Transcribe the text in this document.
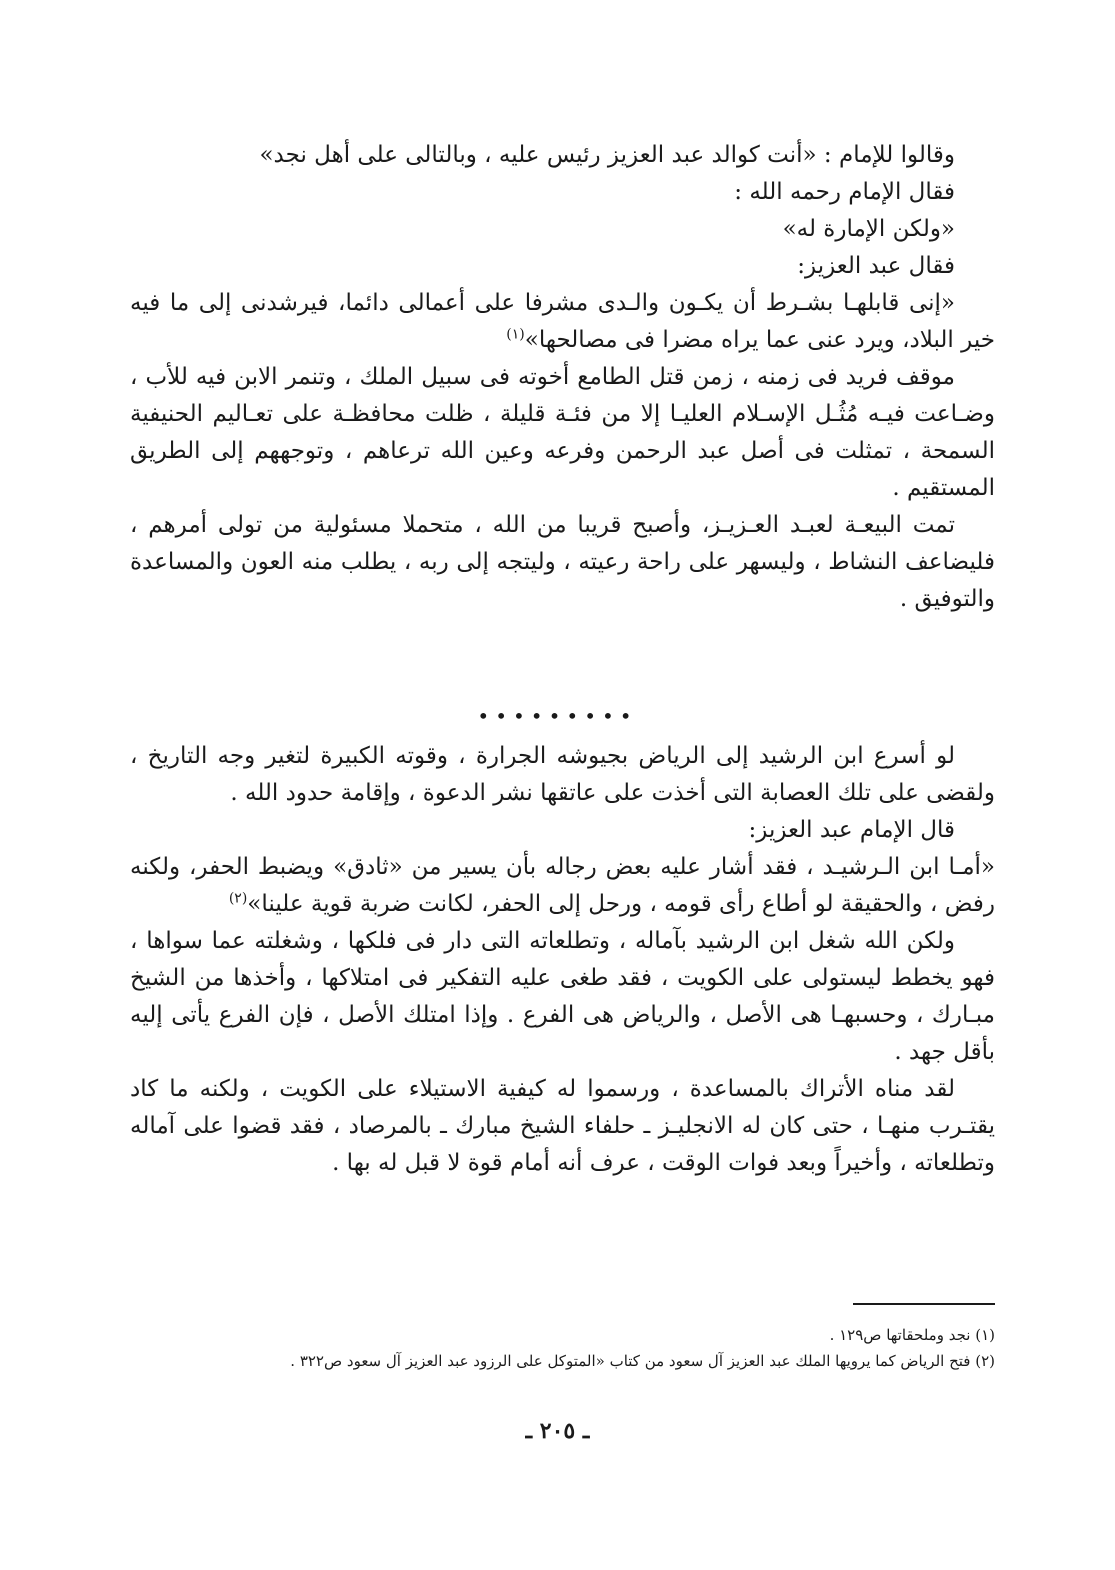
وقالوا للإمام : «أنت كوالد عبد العزيز رئيس عليه ، وبالتالى على أهل نجد»

فقال الإمام رحمه الله :

«ولكن الإمارة له»

فقال عبد العزيز:

«إنى قابلهـا بشـرط أن يكـون والـدى مشرفا على أعمالى دائما، فيرشدنى إلى ما فيه خير البلاد، ويرد عنى عما يراه مضرا فى مصالحها»$^{(١)}$

موقف فريد فى زمنه ، زمن قتل الطامع أخوته فى سبيل الملك ، وتنمر الابن فيه للأب ، وضـاعت فيـه مُثُـل الإسـلام العليـا إلا من فئـة قليلة ، ظلت محافظـة على تعـاليم الحنيفية السمحة ، تمثلت فى أصل عبد الرحمن وفرعه وعين الله ترعاهم ، وتوجههم إلى الطريق المستقيم .

تمت البيعـة لعبـد العـزيـز، وأصبح قريبا من الله ، متحملا مسئولية من تولى أمرهم ، فليضاعف النشاط ، وليسهر على راحة رعيته ، وليتجه إلى ربه ، يطلب منه العون والمساعدة والتوفيق .

•••••••••

لو أسرع ابن الرشيد إلى الرياض بجيوشه الجرارة ، وقوته الكبيرة لتغير وجه التاريخ ، ولقضى على تلك العصابة التى أخذت على عاتقها نشر الدعوة ، وإقامة حدود الله .

قال الإمام عبد العزيز:

«أمـا ابن الـرشيـد ، فقد أشار عليه بعض رجاله بأن يسير من «ثادق» ويضبط الحفر، ولكنه رفض ، والحقيقة لو أطاع رأى قومه ، ورحل إلى الحفر، لكانت ضربة قوية علينا»$^{(٢)}$

ولكن الله شغل ابن الرشيد بآماله ، وتطلعاته التى دار فى فلكها ، وشغلته عما سواها ، فهو يخطط ليستولى على الكويت ، فقد طغى عليه التفكير فى امتلاكها ، وأخذها من الشيخ مبـارك ، وحسبهـا هى الأصل ، والرياض هى الفرع . وإذا امتلك الأصل ، فإن الفرع يأتى إليه بأقل جهد .

لقد مناه الأتراك بالمساعدة ، ورسموا له كيفية الاستيلاء على الكويت ، ولكنه ما كاد يقتـرب منهـا ، حتى كان له الانجليـز ـ حلفاء الشيخ مبارك ـ بالمرصاد ، فقد قضوا على آماله وتطلعاته ، وأخيراً وبعد فوات الوقت ، عرف أنه أمام قوة لا قبل له بها .

(١) نجد وملحقاتها ص١٢٩ .

(٢) فتح الرياض كما يرويها الملك عبد العزيز آل سعود من كتاب «المتوكل على الرزود عبد العزيز آل سعود ص٣٢٢ .

ـ ٢٠٥ ـ
